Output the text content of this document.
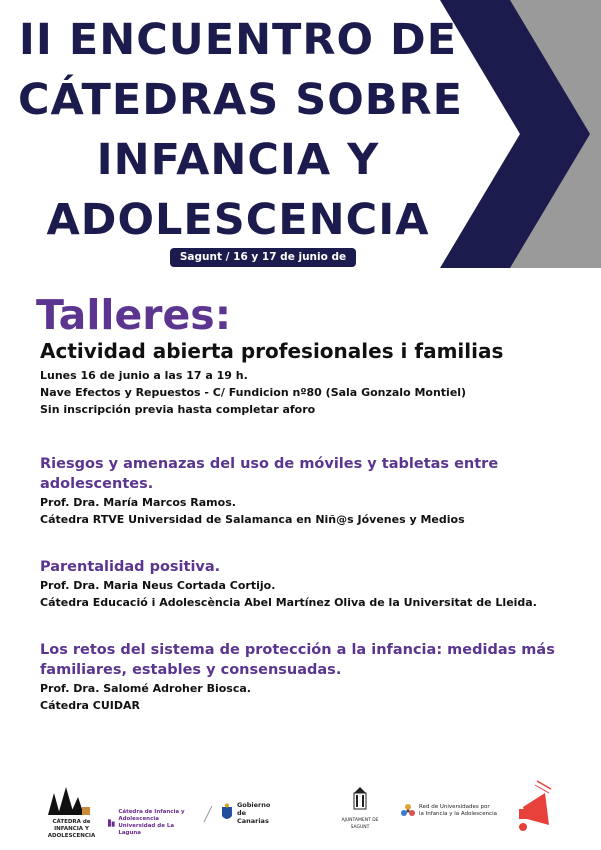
II ENCUENTRO DE
CÁTEDRAS SOBRE
INFANCIA Y
ADOLESCENCIA
Sagunt / 16 y 17 de junio de 2025
Talleres:
Actividad abierta profesionales i familias
Lunes 16 de junio a las 17 a 19 h.
Nave Efectos y Repuestos - C/ Fundicion nº80 (Sala Gonzalo Montiel)
Sin inscripción previa hasta completar aforo
Riesgos y amenazas del uso de móviles y tabletas entre
adolescentes.
Prof. Dra. María Marcos Ramos.
Cátedra RTVE Universidad de Salamanca en Niñ@s Jóvenes y Medios
Parentalidad positiva.
Prof. Dra. Maria Neus Cortada Cortijo.
Cátedra Educació i Adolescència Abel Martínez Oliva de la Universitat de Lleida.
Los retos del sistema de protección a la infancia: medidas más
familiares, estables y consensuadas.
Prof. Dra. Salomé Adroher Biosca.
Cátedra CUIDAR
CÁTEDRA de INFANCIA Y
ADOLESCENCIA
Cátedra de Infancia y Adolescencia
Universidad de La Laguna
Gobierno
de Canarias	AJUNTAMENT DE SAGUNT
Red de Universidades por
la Infancia y la Adolescencia
